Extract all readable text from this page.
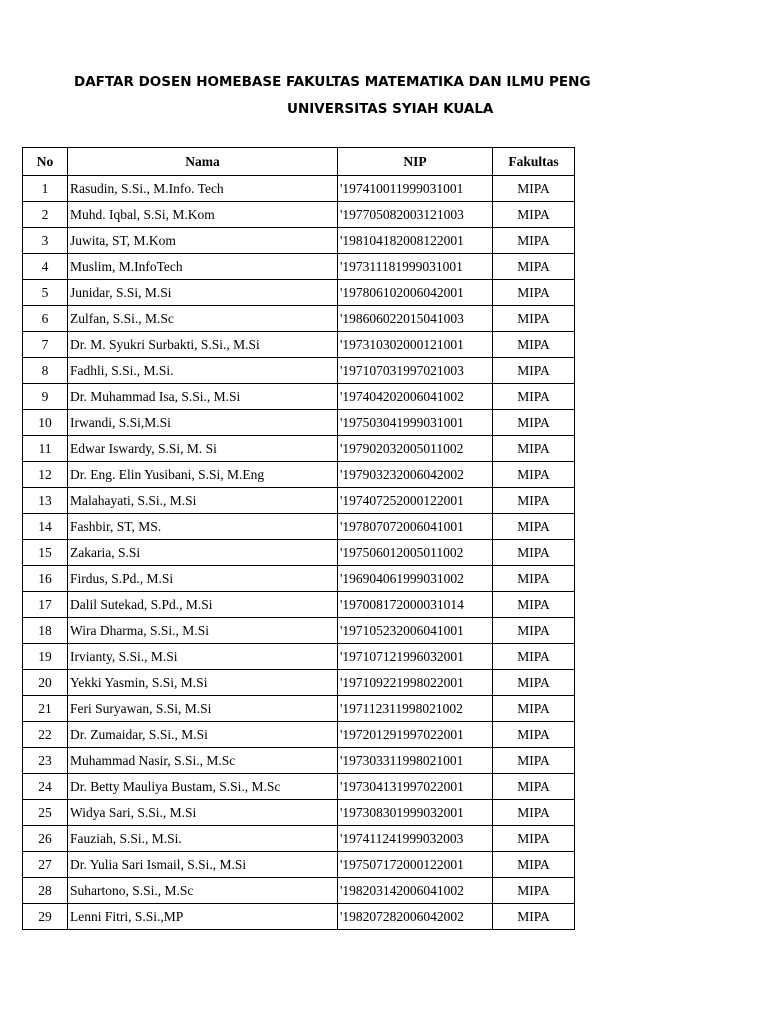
DAFTAR DOSEN HOMEBASE FAKULTAS MATEMATIKA DAN ILMU PENG
UNIVERSITAS SYIAH KUALA
No	Nama	NIP	Fakultas
1	Rasudin, S.Si., M.Info. Tech	'197410011999031001	MIPA
2	Muhd. Iqbal, S.Si, M.Kom	'197705082003121003	MIPA
3	Juwita, ST, M.Kom	'198104182008122001	MIPA
4	Muslim, M.InfoTech	'197311181999031001	MIPA
5	Junidar, S.Si, M.Si	'197806102006042001	MIPA
6	Zulfan, S.Si., M.Sc	'198606022015041003	MIPA
7	Dr. M. Syukri Surbakti, S.Si., M.Si	'197310302000121001	MIPA
8	Fadhli, S.Si., M.Si.	'197107031997021003	MIPA
9	Dr. Muhammad Isa, S.Si., M.Si	'197404202006041002	MIPA
10	Irwandi, S.Si,M.Si	'197503041999031001	MIPA
11	Edwar Iswardy, S.Si, M. Si	'197902032005011002	MIPA
12	Dr. Eng. Elin Yusibani, S.Si, M.Eng	'197903232006042002	MIPA
13	Malahayati, S.Si., M.Si	'197407252000122001	MIPA
14	Fashbir, ST, MS.	'197807072006041001	MIPA
15	Zakaria, S.Si	'197506012005011002	MIPA
16	Firdus, S.Pd., M.Si	'196904061999031002	MIPA
17	Dalil Sutekad, S.Pd., M.Si	'197008172000031014	MIPA
18	Wira Dharma, S.Si., M.Si	'197105232006041001	MIPA
19	Irvianty, S.Si., M.Si	'197107121996032001	MIPA
20	Yekki Yasmin, S.Si, M.Si	'197109221998022001	MIPA
21	Feri Suryawan, S.Si, M.Si	'197112311998021002	MIPA
22	Dr. Zumaidar, S.Si., M.Si	'197201291997022001	MIPA
23	Muhammad Nasir, S.Si., M.Sc	'197303311998021001	MIPA
24	Dr. Betty Mauliya Bustam, S.Si., M.Sc	'197304131997022001	MIPA
25	Widya Sari, S.Si., M.Si	'197308301999032001	MIPA
26	Fauziah, S.Si., M.Si.	'197411241999032003	MIPA
27	Dr. Yulia Sari Ismail, S.Si., M.Si	'197507172000122001	MIPA
28	Suhartono, S.Si., M.Sc	'198203142006041002	MIPA
29	Lenni Fitri, S.Si.,MP	'198207282006042002	MIPA
